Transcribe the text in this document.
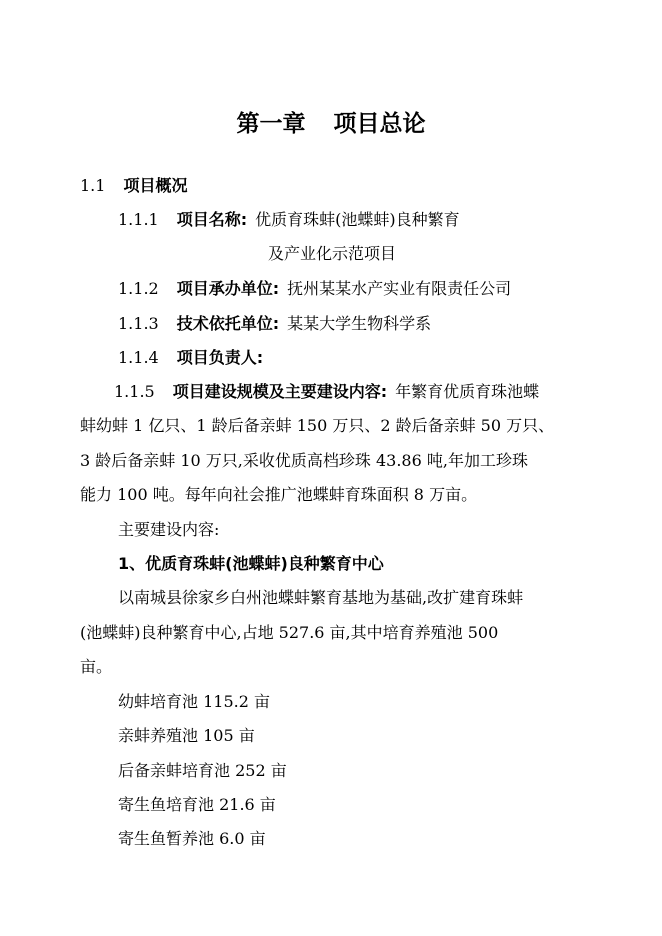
第一章 项目总论
1.1 项目概况
1.1.1 项目名称: 优质育珠蚌(池蝶蚌)良种繁育
及产业化示范项目
1.1.2 项目承办单位: 抚州某某水产实业有限责任公司
1.1.3 技术依托单位: 某某大学生物科学系
1.1.4 项目负责人:
1.1.5 项目建设规模及主要建设内容: 年繁育优质育珠池蝶
蚌幼蚌 1 亿只、1 龄后备亲蚌 150 万只、2 龄后备亲蚌 50 万只、
3 龄后备亲蚌 10 万只,采收优质高档珍珠 43.86 吨,年加工珍珠
能力 100 吨。每年向社会推广池蝶蚌育珠面积 8 万亩。
主要建设内容:
1、优质育珠蚌(池蝶蚌)良种繁育中心
以南城县徐家乡白州池蝶蚌繁育基地为基础,改扩建育珠蚌
(池蝶蚌)良种繁育中心,占地 527.6 亩,其中培育养殖池 500
亩。
幼蚌培育池 115.2 亩
亲蚌养殖池 105 亩
后备亲蚌培育池 252 亩
寄生鱼培育池 21.6 亩
寄生鱼暂养池 6.0 亩
